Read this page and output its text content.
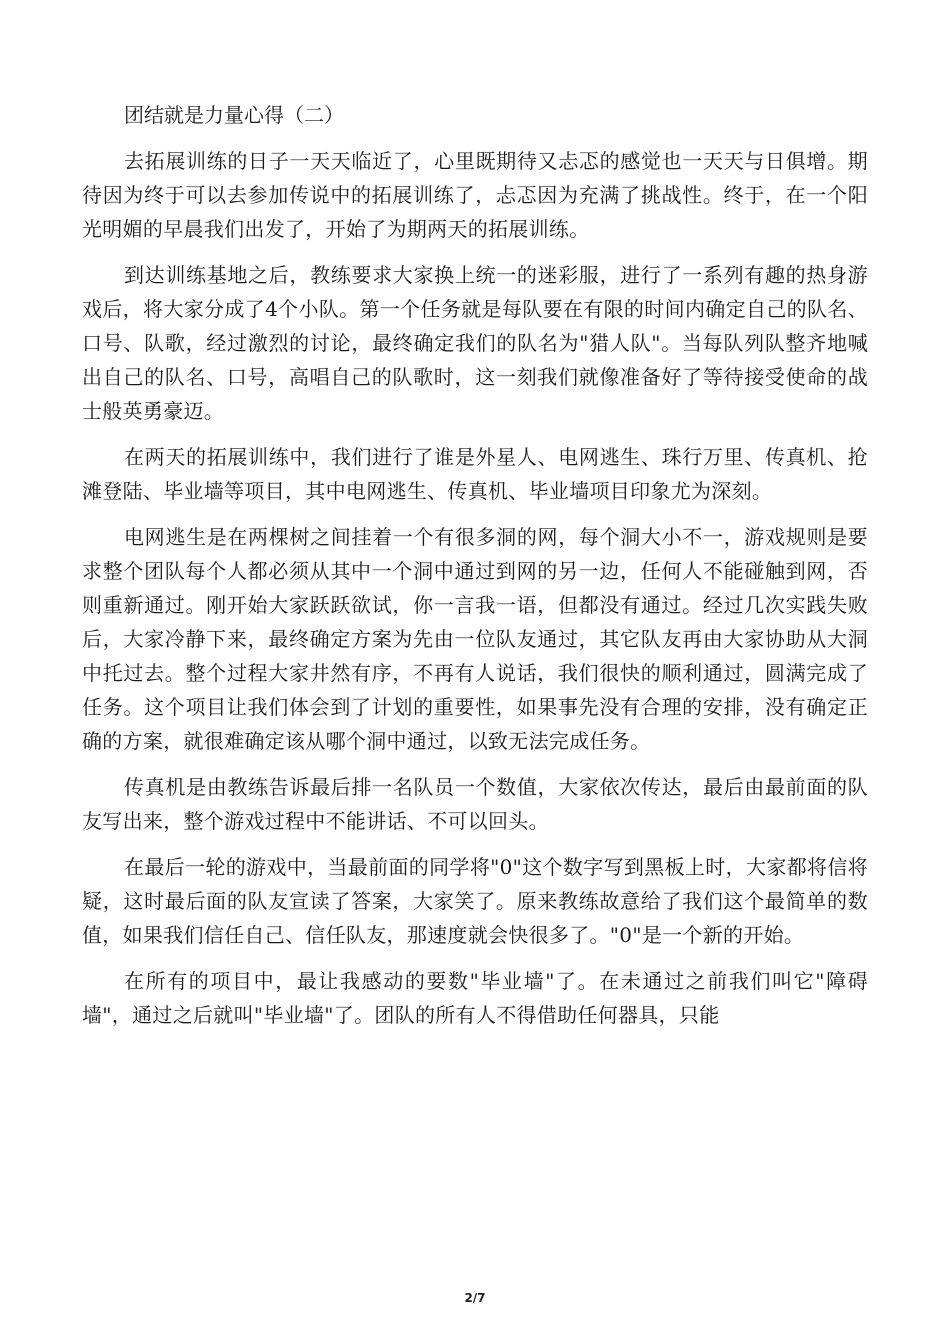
团结就是力量心得（二）

去拓展训练的日子一天天临近了，心里既期待又忐忑的感觉也一天天与日俱增。期待因为终于可以去参加传说中的拓展训练了，忐忑因为充满了挑战性。终于，在一个阳光明媚的早晨我们出发了，开始了为期两天的拓展训练。

到达训练基地之后，教练要求大家换上统一的迷彩服，进行了一系列有趣的热身游戏后，将大家分成了4个小队。第一个任务就是每队要在有限的时间内确定自己的队名、口号、队歌，经过激烈的讨论，最终确定我们的队名为"猎人队"。当每队列队整齐地喊出自己的队名、口号，高唱自己的队歌时，这一刻我们就像准备好了等待接受使命的战士般英勇豪迈。

在两天的拓展训练中，我们进行了谁是外星人、电网逃生、珠行万里、传真机、抢滩登陆、毕业墙等项目，其中电网逃生、传真机、毕业墙项目印象尤为深刻。

电网逃生是在两棵树之间挂着一个有很多洞的网，每个洞大小不一，游戏规则是要求整个团队每个人都必须从其中一个洞中通过到网的另一边，任何人不能碰触到网，否则重新通过。刚开始大家跃跃欲试，你一言我一语，但都没有通过。经过几次实践失败后，大家冷静下来，最终确定方案为先由一位队友通过，其它队友再由大家协助从大洞中托过去。整个过程大家井然有序，不再有人说话，我们很快的顺利通过，圆满完成了任务。这个项目让我们体会到了计划的重要性，如果事先没有合理的安排，没有确定正确的方案，就很难确定该从哪个洞中通过，以致无法完成任务。

传真机是由教练告诉最后排一名队员一个数值，大家依次传达，最后由最前面的队友写出来，整个游戏过程中不能讲话、不可以回头。

在最后一轮的游戏中，当最前面的同学将"0"这个数字写到黑板上时，大家都将信将疑，这时最后面的队友宣读了答案，大家笑了。原来教练故意给了我们这个最简单的数值，如果我们信任自己、信任队友，那速度就会快很多了。"0"是一个新的开始。

在所有的项目中，最让我感动的要数"毕业墙"了。在未通过之前我们叫它"障碍墙"，通过之后就叫"毕业墙"了。团队的所有人不得借助任何器具，只能

2/7
